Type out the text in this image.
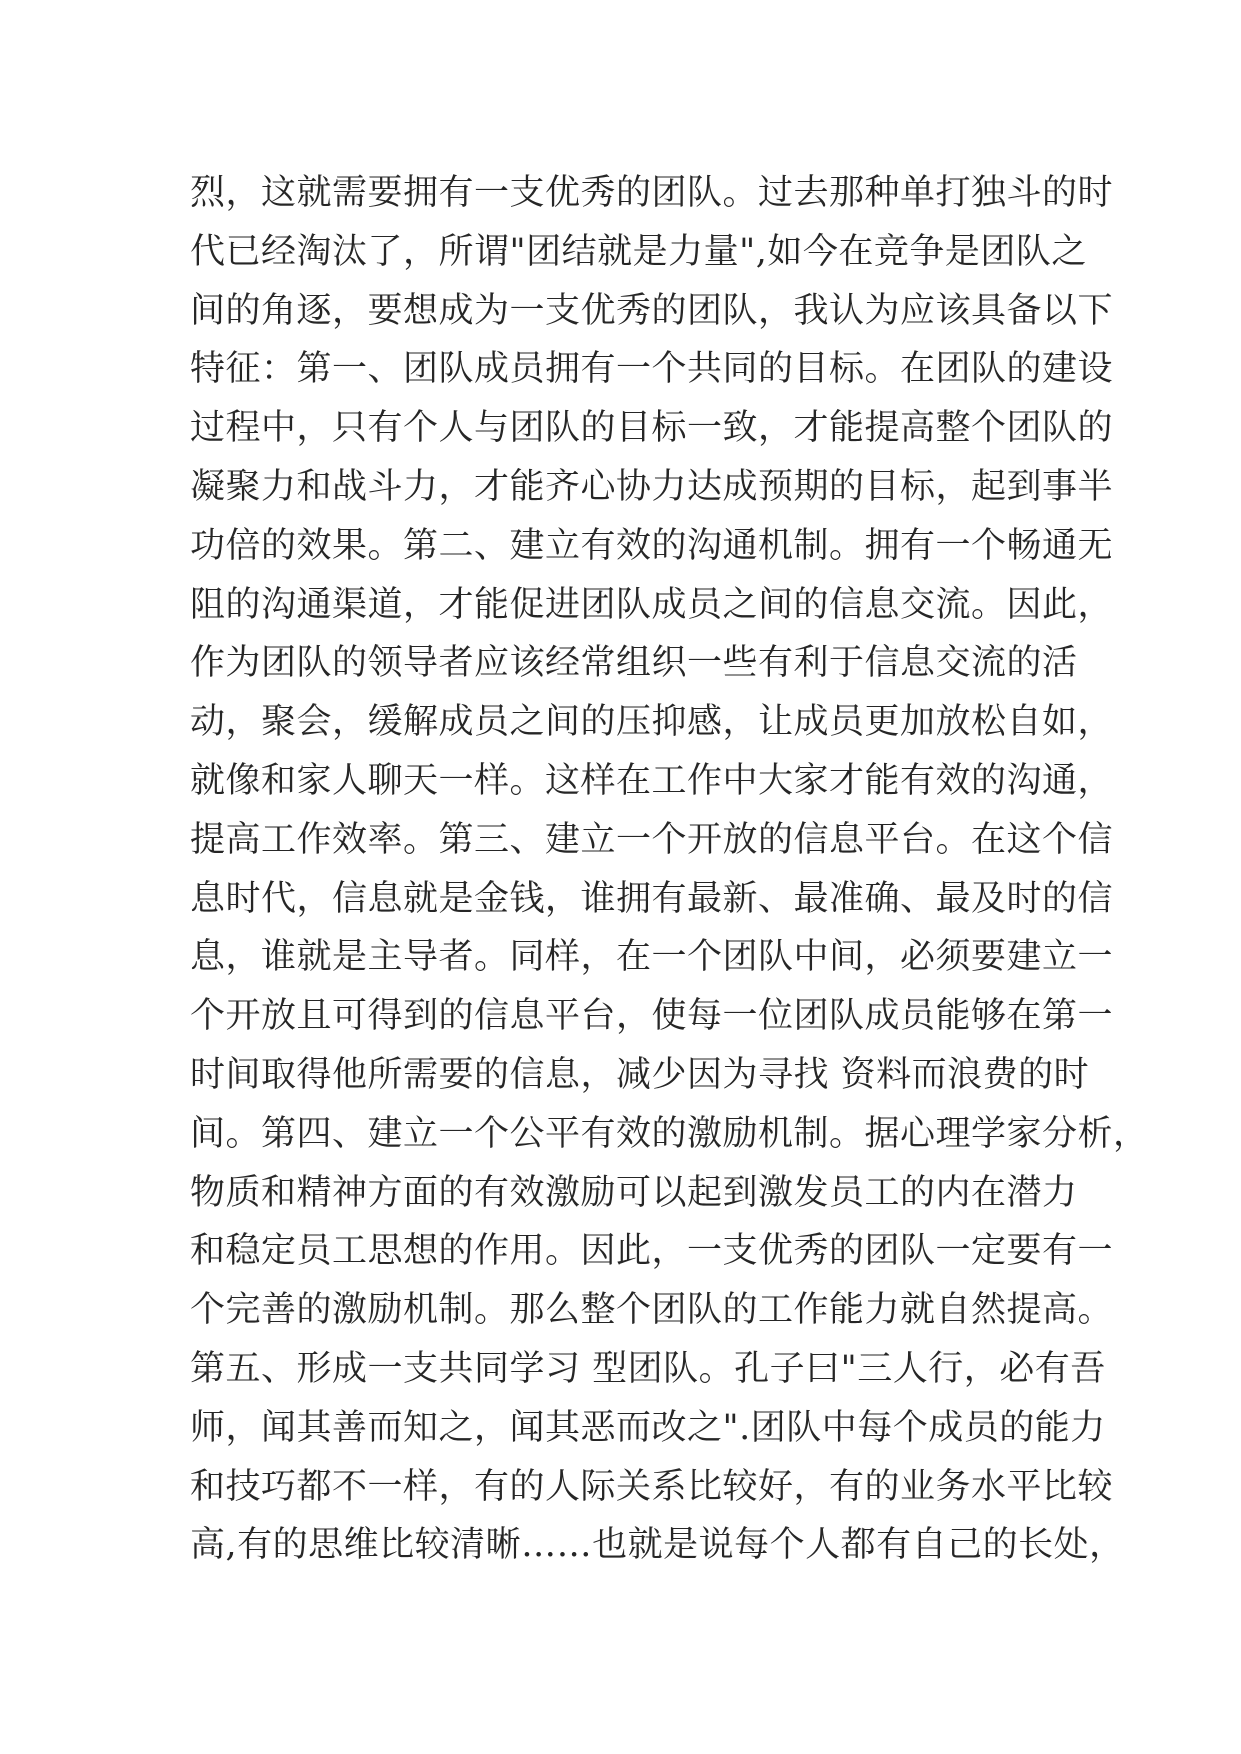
烈，这就需要拥有一支优秀的团队。过去那种单打独斗的时
代已经淘汰了，所谓"团结就是力量",如今在竞争是团队之
间的角逐，要想成为一支优秀的团队，我认为应该具备以下
特征：第一、团队成员拥有一个共同的目标。在团队的建设
过程中，只有个人与团队的目标一致，才能提高整个团队的
凝聚力和战斗力，才能齐心协力达成预期的目标，起到事半
功倍的效果。第二、建立有效的沟通机制。拥有一个畅通无
阻的沟通渠道，才能促进团队成员之间的信息交流。因此，
作为团队的领导者应该经常组织一些有利于信息交流的活
动，聚会，缓解成员之间的压抑感，让成员更加放松自如，
就像和家人聊天一样。这样在工作中大家才能有效的沟通，
提高工作效率。第三、建立一个开放的信息平台。在这个信
息时代，信息就是金钱，谁拥有最新、最准确、最及时的信
息，谁就是主导者。同样，在一个团队中间，必须要建立一
个开放且可得到的信息平台，使每一位团队成员能够在第一
时间取得他所需要的信息，减少因为寻找 资料而浪费的时
间。第四、建立一个公平有效的激励机制。据心理学家分析，
物质和精神方面的有效激励可以起到激发员工的内在潜力
和稳定员工思想的作用。因此，一支优秀的团队一定要有一
个完善的激励机制。那么整个团队的工作能力就自然提高。
第五、形成一支共同学习 型团队。孔子曰"三人行，必有吾
师，闻其善而知之，闻其恶而改之".团队中每个成员的能力
和技巧都不一样，有的人际关系比较好，有的业务水平比较
高,有的思维比较清晰……也就是说每个人都有自己的长处，
